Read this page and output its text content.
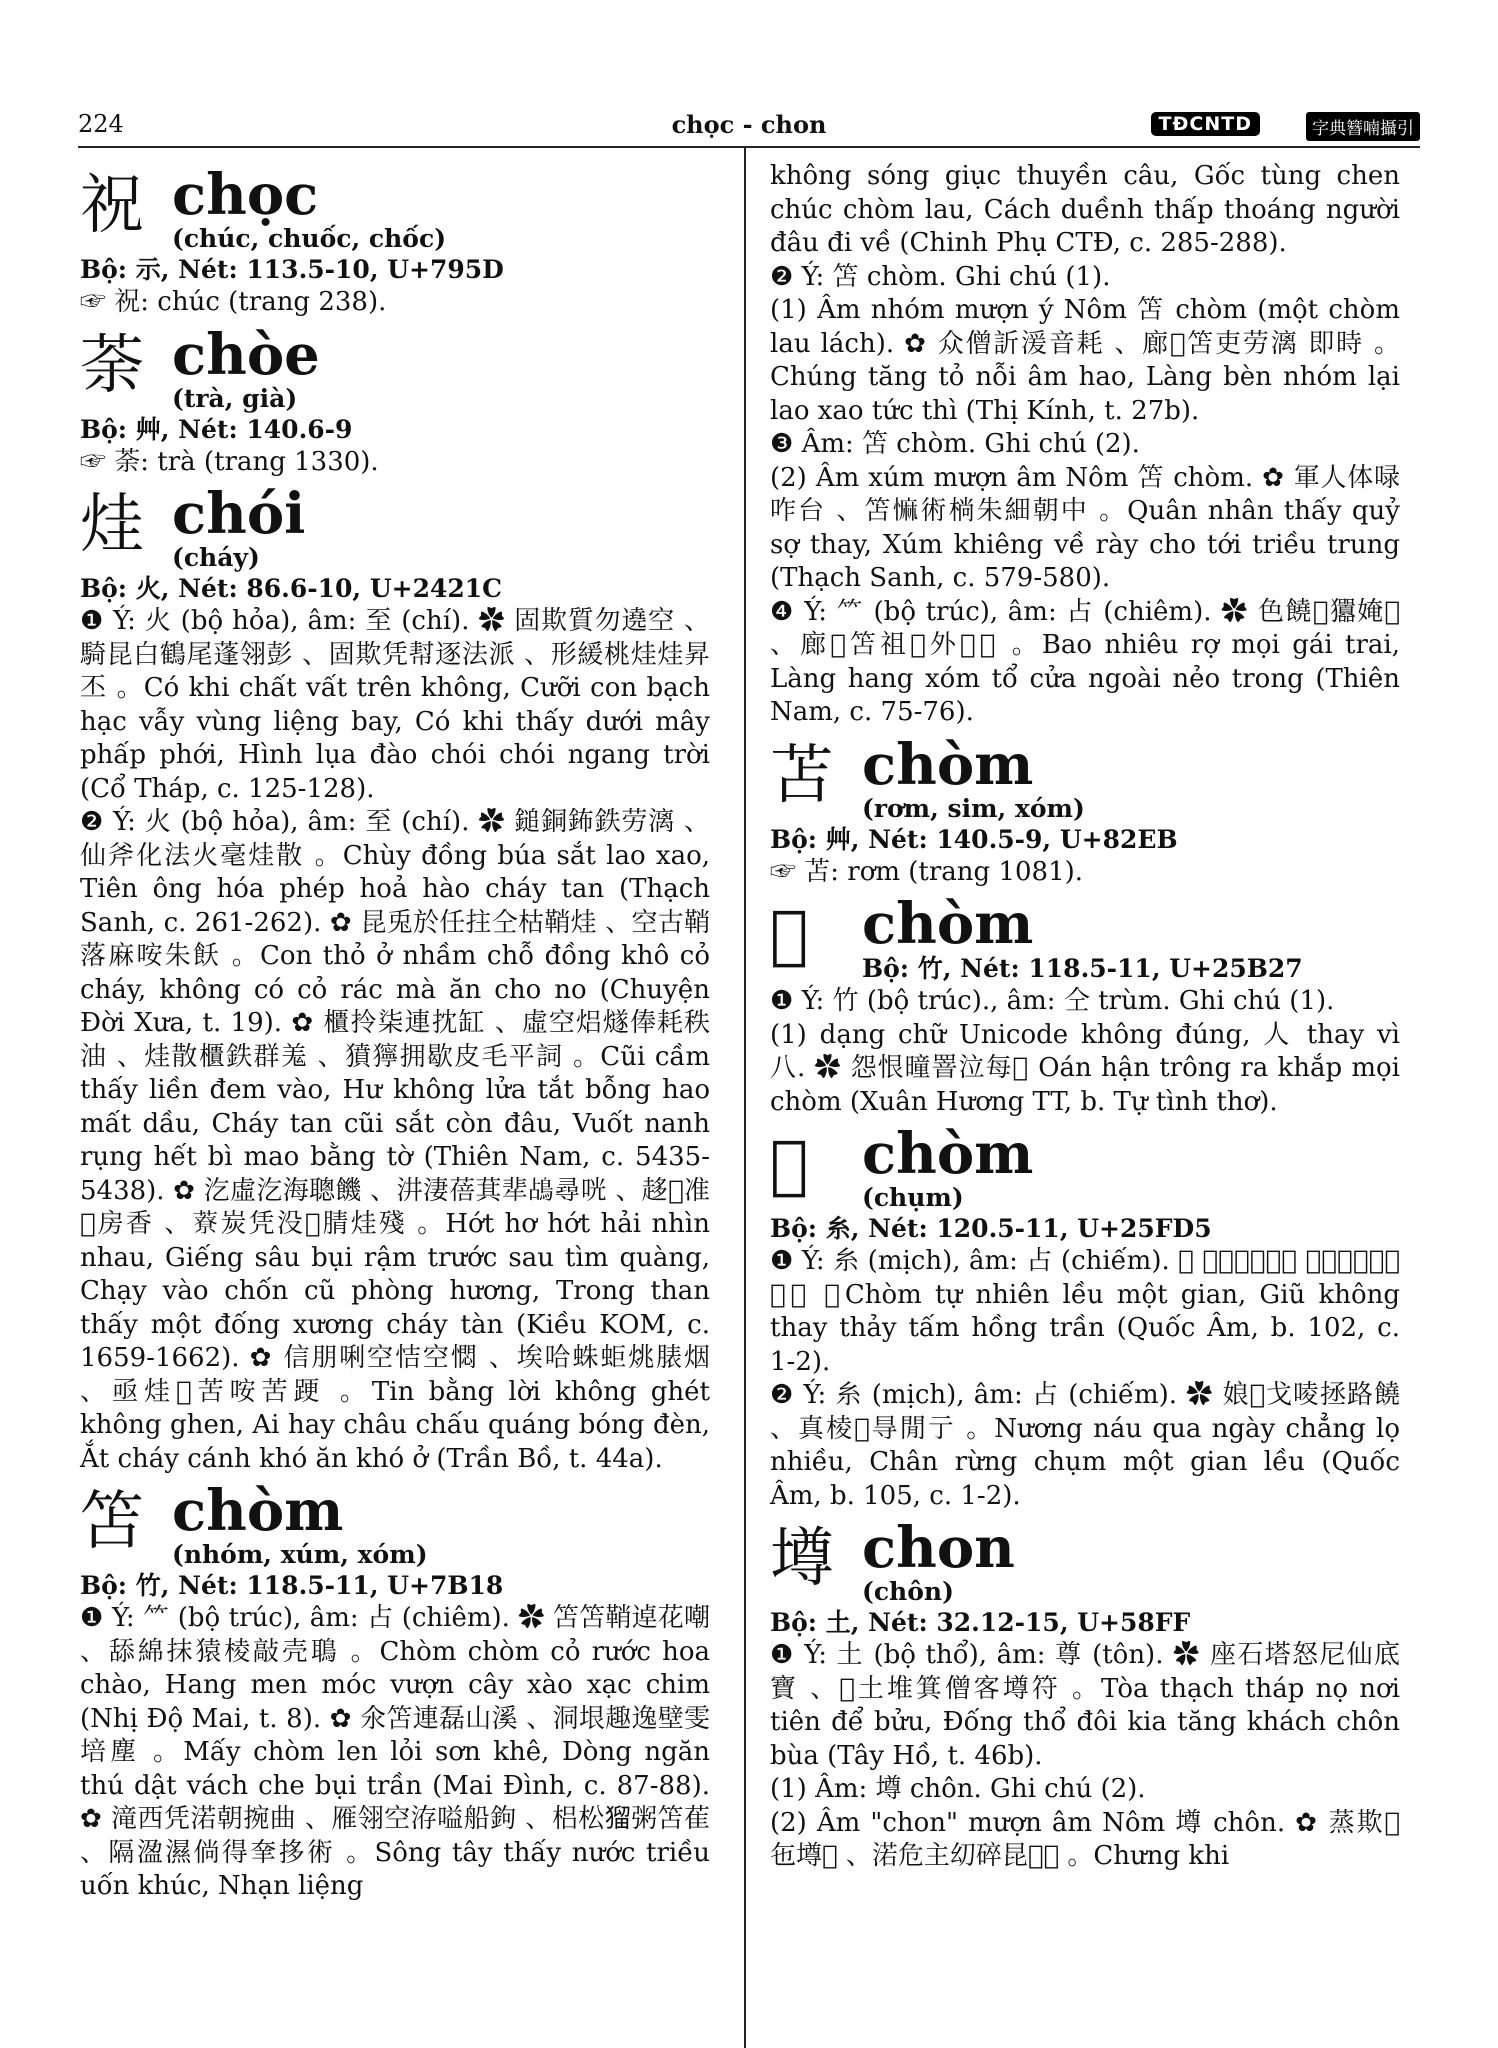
224	chọc - chon	TĐCNTD	字典簪喃攝引
祝 chọc
(chúc, chuốc, chốc)

Bộ: 示, Nét: 113.5-10, U+795D

☞ 祝: chúc (trang 238).

荼 chòe
(trà, già)

Bộ: 艸, Nét: 140.6-9

☞ 荼: trà (trang 1330).

烓 chói
(cháy)

Bộ: 火, Nét: 86.6-10, U+2421C

❶ Ý: 火 (bộ hỏa), âm: 至 (chí). ✿ 固欺質勿遶空 、騎昆白鶴尾蓬翎彭 、固欺凭幇逐法派 、形緩桃烓烓昇丕 。Có khi chất vất trên không, Cưỡi con bạch hạc vẫy vùng liệng bay, Có khi thấy dưới mây phấp phới, Hình lụa đào chói chói ngang trời (Cổ Tháp, c. 125-128).

❷ Ý: 火 (bộ hỏa), âm: 至 (chí). ✿ 鎚銅鈽鉄劳漓 、仙斧化法火毫烓散 。Chùy đồng búa sắt lao xao, Tiên ông hóa phép hoả hào cháy tan (Thạch Sanh, c. 261-262). ✿ 昆兎於任拄仝枯鞘烓 、空古鞘落麻咹朱飫 。Con thỏ ở nhầm chỗ đồng khô cỏ cháy, không có cỏ rác mà ăn cho no (Chuyện Đời Xưa, t. 19). ✿ 櫃拎柒連抌缸 、虛空焒燧俸耗秩油 、烓散櫃鉄群羗 、獖獰拥歇皮毛平詞 。Cũi cầm thấy liền đem vào, Hư không lửa tắt bỗng hao mất dầu, Cháy tan cũi sắt còn đâu, Vuốt nanh rụng hết bì mao bằng tờ (Thiên Nam, c. 5435-5438). ✿ 汔虛汔海聰饑 、汫淒蓓萁㹃𪀄尋咣 、趍𠓨准𧆄房香 、𦼔炭凭没𡏦腈烓殘 。Hớt hơ hớt hải nhìn nhau, Giếng sâu bụi rậm trước sau tìm quàng, Chạy vào chốn cũ phòng hương, Trong than thấy một đống xương cháy tàn (Kiều KOM, c. 1659-1662). ✿ 信朋唎空恄空㦖 、埃哈蛛蚷烑脿烟 、亟烓𤍌苦咹苦𨁈 。Tin bằng lời không ghét không ghen, Ai hay châu chấu quáng bóng đèn, Ắt cháy cánh khó ăn khó ở (Trần Bồ, t. 44a).

笘 chòm
(nhóm, xúm, xóm)

Bộ: 竹, Nét: 118.5-11, U+7B18

❶ Ý: ⺮ (bộ trúc), âm: 占 (chiêm). ✿ 笘笘鞘逴花嘲 、舔綿抹猿棱敲壳鵈 。Chòm chòm cỏ rước hoa chào, Hang men móc vượn cây xào xạc chim (Nhị Độ Mai, t. 8). ✿ 氽笘連磊山溪 、洞垠趣逸壁雯培塵 。Mấy chòm len lỏi sơn khê, Dòng ngăn thú dật vách che bụi trần (Mai Đình, c. 87-88). ✿ 滝西凭渃朝捥曲 、雁翎空洊嗌船鉤 、梠松𤠑粥笘萑 、隔溋濕倘得羍拸術 。Sông tây thấy nước triều uốn khúc, Nhạn liệng

không sóng giục thuyền câu, Gốc tùng chen chúc chòm lau, Cách duềnh thấp thoáng người đâu đi về (Chinh Phụ CTĐ, c. 285-288).

❷ Ý: 笘 chòm. Ghi chú (1).

(1) Âm nhóm mượn ý Nôm 笘 chòm (một chòm lau lách). ✿ 众僧訢湲音耗 、廊𠂫笘吏劳漓 即時 。Chúng tăng tỏ nỗi âm hao, Làng bèn nhóm lại lao xao tức thì (Thị Kính, t. 27b).

❸ Âm: 笘 chòm. Ghi chú (2).

(2) Âm xúm mượn âm Nôm 笘 chòm. ✿ 軍人体㖨咋台 、笘𢠩術㭻朱細朝中 。Quân nhân thấy quỷ sợ thay, Xúm khiêng về rày cho tới triều trung (Thạch Sanh, c. 579-580).

❹ Ý: ⺮ (bộ trúc), âm: 占 (chiêm). ✿ 色饒𤞻㺧㛪𡢻 、廊𠀧笘祖𢯞外𡗶𨉟 。Bao nhiêu rợ mọi gái trai, Làng hang xóm tổ cửa ngoài nẻo trong (Thiên Nam, c. 75-76).

苫 chòm
(rơm, sim, xóm)

Bộ: 艸, Nét: 140.5-9, U+82EB

☞ 苫: rơm (trang 1081).

𥬧 chòm
Bộ: 竹, Nét: 118.5-11, U+25B27

❶ Ý: 竹 (bộ trúc)., âm: 仝 trùm. Ghi chú (1).

(1) dạng chữ Unicode không đúng, 人 thay vì 八. ✿ 怨恨曈罯泣每𥬧 Oán hận trông ra khắp mọi chòm (Xuân Hương TT, b. Tự tình thơ).

𥿕 chòm
(chụm)

Bộ: 糸, Nét: 120.5-11, U+25FD5

❶ Ý: 糸 (mịch), âm: 占 (chiếm). ✿ 𥿕自然亍㝵閒 、搶空汰汰縿紅塵 。Chòm tự nhiên lều một gian, Giũ không thay thảy tấm hồng trần (Quốc Âm, b. 102, c. 1-2).

❷ Ý: 糸 (mịch), âm: 占 (chiếm). ✿ 娘𦁂戈㖫拯路饒 、真棱𥿕㝵閒亍 。Nương náu qua ngày chẳng lọ nhiều, Chân rừng chụm một gian lều (Quốc Âm, b. 105, c. 1-2).

墫 chon
(chôn)

Bộ: 土, Nét: 32.12-15, U+58FF

❶ Ý: 土 (bộ thổ), âm: 尊 (tôn). ✿ 座石塔怒尼仙底寶 、𡏦土堆箕僧客墫符 。Tòa thạch tháp nọ nơi tiên để bửu, Đống thổ đôi kia tăng khách chôn bùa (Tây Hồ, t. 46b).

(1) Âm: 墫 chôn. Ghi chú (2).

(2) Âm "chon" mượn âm Nôm 墫 chôn. ✿ 蒸欺𣋻㐌墫𡗅 、渃危主㓜碎昆𥪝𠰘 。Chưng khi
